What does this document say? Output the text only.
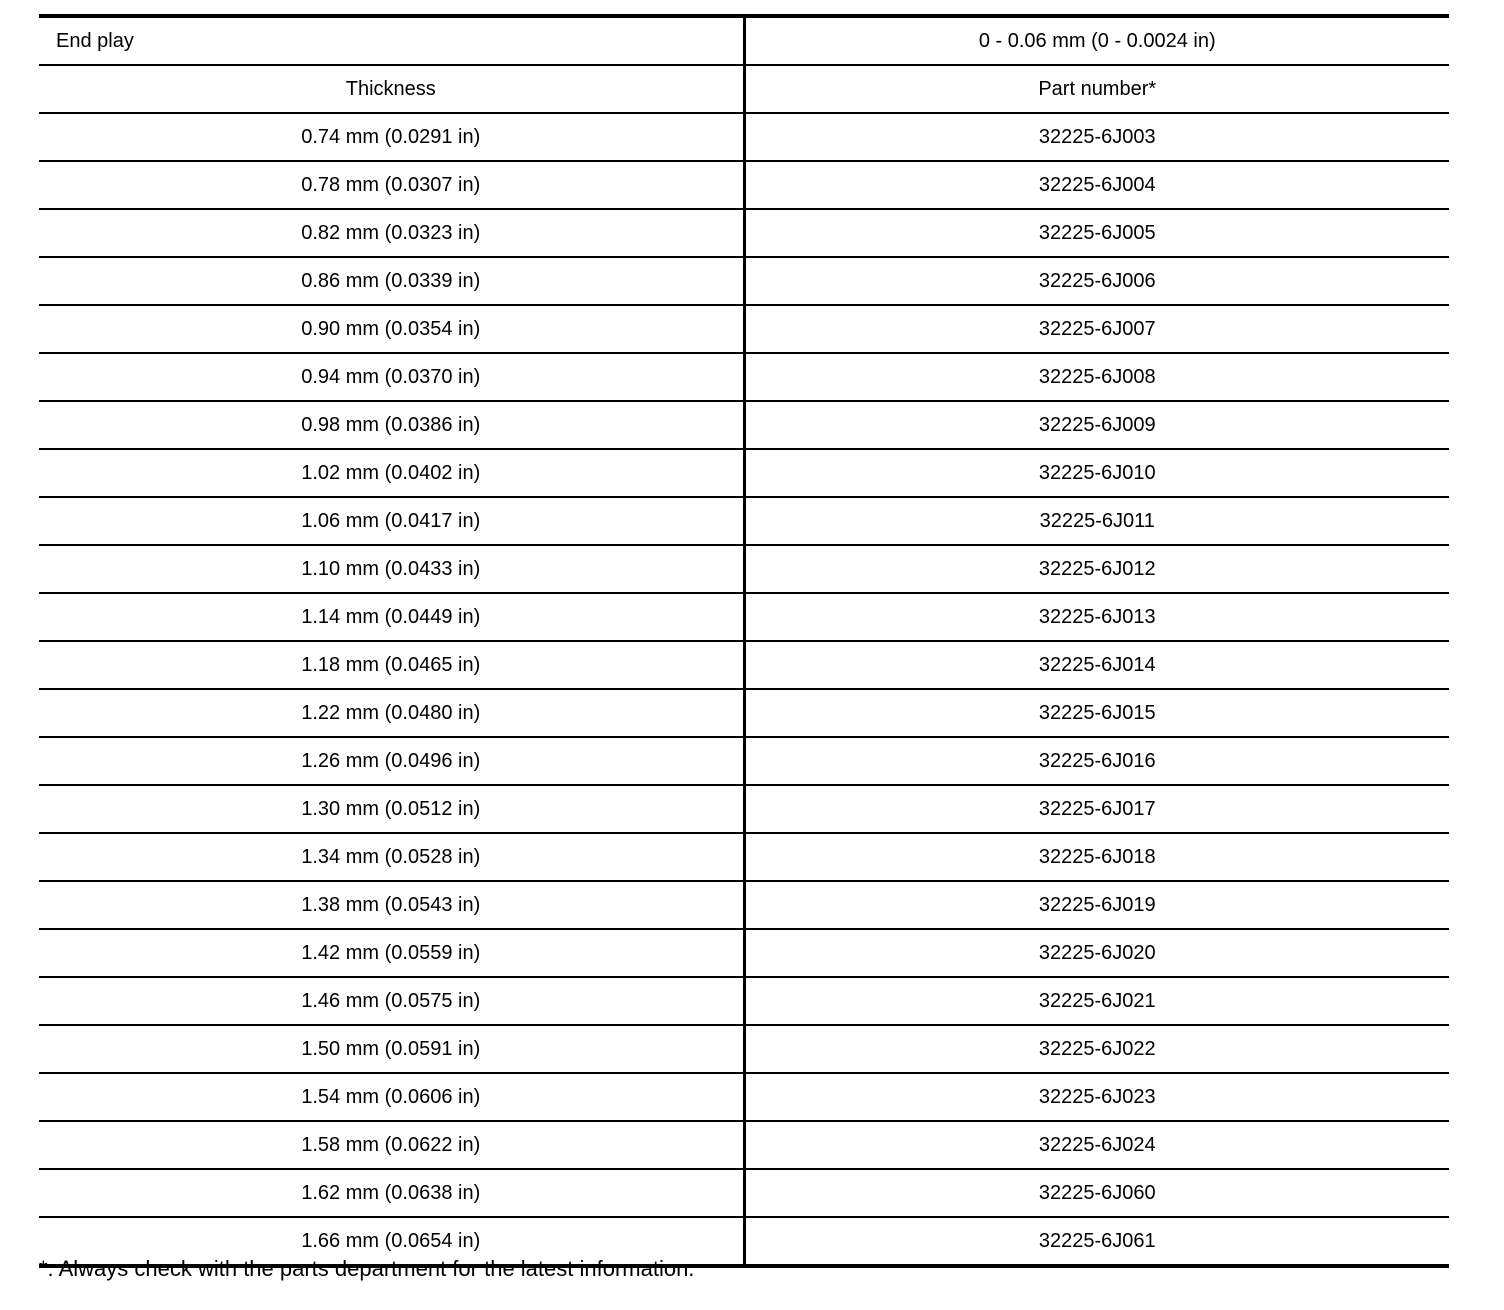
End play	0 - 0.06 mm (0 - 0.0024 in)
Thickness	Part number*
0.74 mm (0.0291 in)	32225-6J003
0.78 mm (0.0307 in)	32225-6J004
0.82 mm (0.0323 in)	32225-6J005
0.86 mm (0.0339 in)	32225-6J006
0.90 mm (0.0354 in)	32225-6J007
0.94 mm (0.0370 in)	32225-6J008
0.98 mm (0.0386 in)	32225-6J009
1.02 mm (0.0402 in)	32225-6J010
1.06 mm (0.0417 in)	32225-6J011
1.10 mm (0.0433 in)	32225-6J012
1.14 mm (0.0449 in)	32225-6J013
1.18 mm (0.0465 in)	32225-6J014
1.22 mm (0.0480 in)	32225-6J015
1.26 mm (0.0496 in)	32225-6J016
1.30 mm (0.0512 in)	32225-6J017
1.34 mm (0.0528 in)	32225-6J018
1.38 mm (0.0543 in)	32225-6J019
1.42 mm (0.0559 in)	32225-6J020
1.46 mm (0.0575 in)	32225-6J021
1.50 mm (0.0591 in)	32225-6J022
1.54 mm (0.0606 in)	32225-6J023
1.58 mm (0.0622 in)	32225-6J024
1.62 mm (0.0638 in)	32225-6J060
1.66 mm (0.0654 in)	32225-6J061
*: Always check with the parts department for the latest information.
